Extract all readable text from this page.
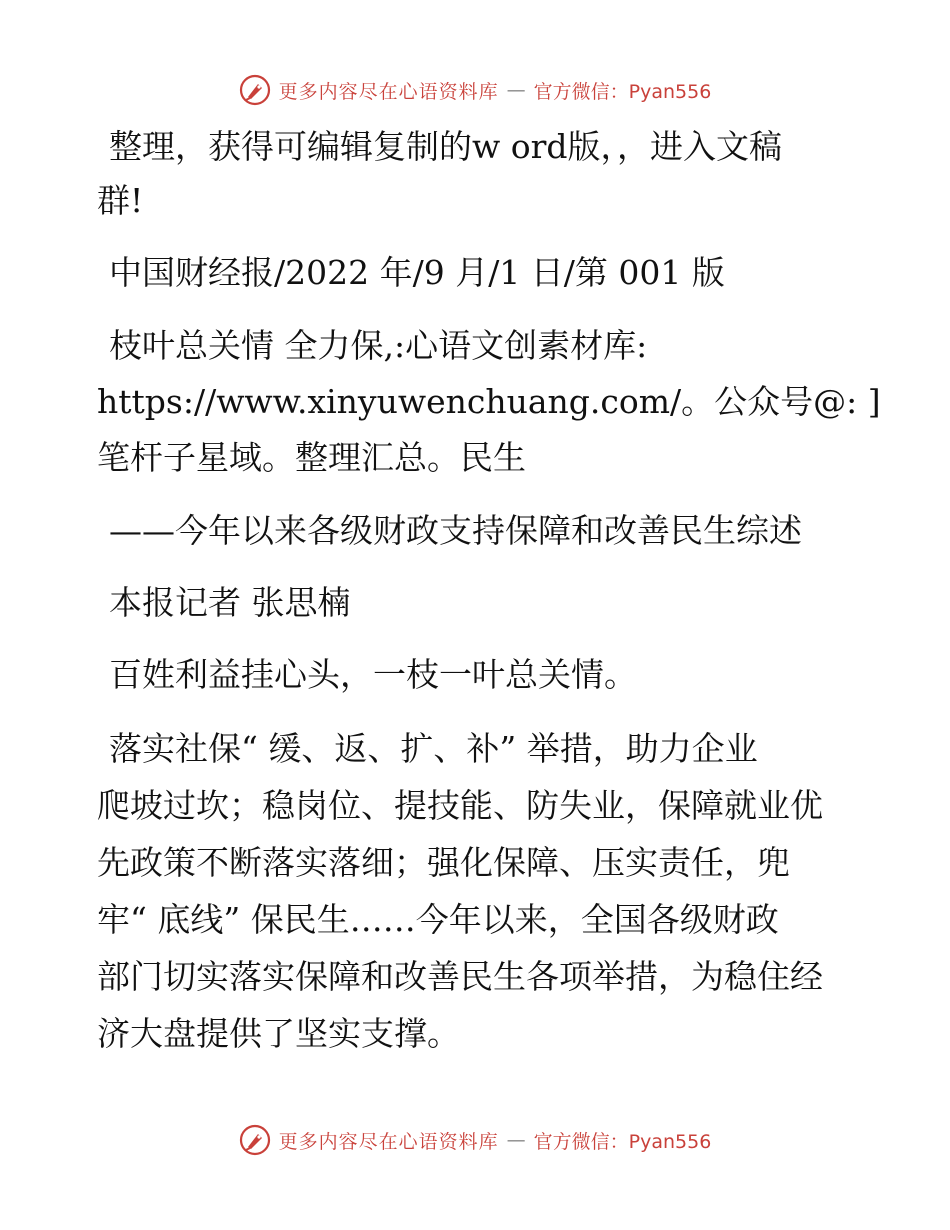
更多内容尽在心语资料库 — 官方微信：Pyan556

整理，获得可编辑复制的w ord版，，进入文稿
群!

中国财经报/2022 年/9 月/1 日/第 001 版

枝叶总关情 全力保,:心语文创素材库:
https://www.xinyuwenchuang.com/。公众号@: ]
笔杆子星域。整理汇总。民生

——今年以来各级财政支持保障和改善民生综述

本报记者 张思楠

百姓利益挂心头，一枝一叶总关情。

落实社保“ 缓、返、扩、补” 举措，助力企业
爬坡过坎；稳岗位、提技能、防失业，保障就业优
先政策不断落实落细；强化保障、压实责任，兜
牢“ 底线” 保民生……今年以来，全国各级财政
部门切实落实保障和改善民生各项举措，为稳住经
济大盘提供了坚实支撑。

更多内容尽在心语资料库 — 官方微信：Pyan556
